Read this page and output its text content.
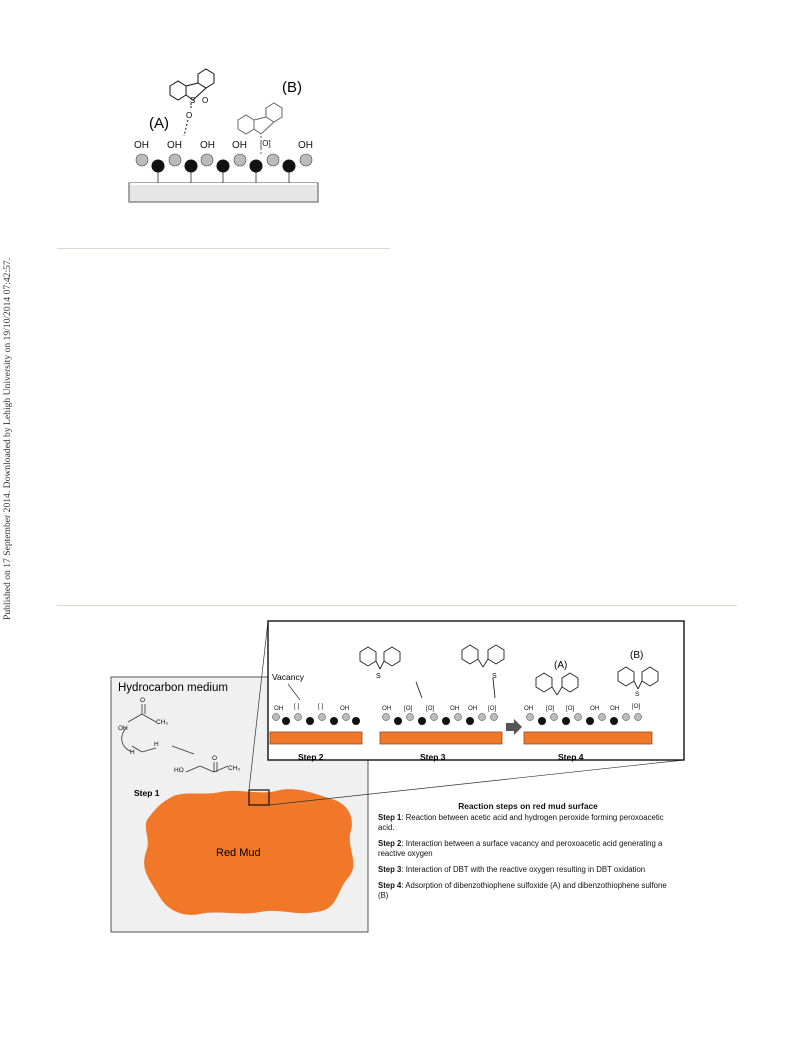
Published on 17 September 2014. Downloaded by Lehigh University on 19/10/2014 07:42:57.
OH OH OH OH	OH
[O]
(A)
(B)
S O
O
Hydrocarbon medium
Red Mud
O
CH₃
OH
H
H
HO
O
CH₃
Step 1
Vacancy
OH [ ]	[ ]	OH
Step 2
S	S
OH [O] [O]	OH OH [O]
Step 3
(A)
(B)
S
OH [O] [O]	OH OH [O]
Step 4
Reaction steps on red mud surface
Step 1: Reaction between acetic acid and hydrogen peroxide forming peroxoacetic acid.
Step 2: Interaction between a surface vacancy and peroxoacetic acid generating a reactive oxygen
Step 3: Interaction of DBT with the reactive oxygen resulting in DBT oxidation
Step 4: Adsorption of dibenzothiophene sulfoxide (A) and dibenzothiophene sulfone (B)
